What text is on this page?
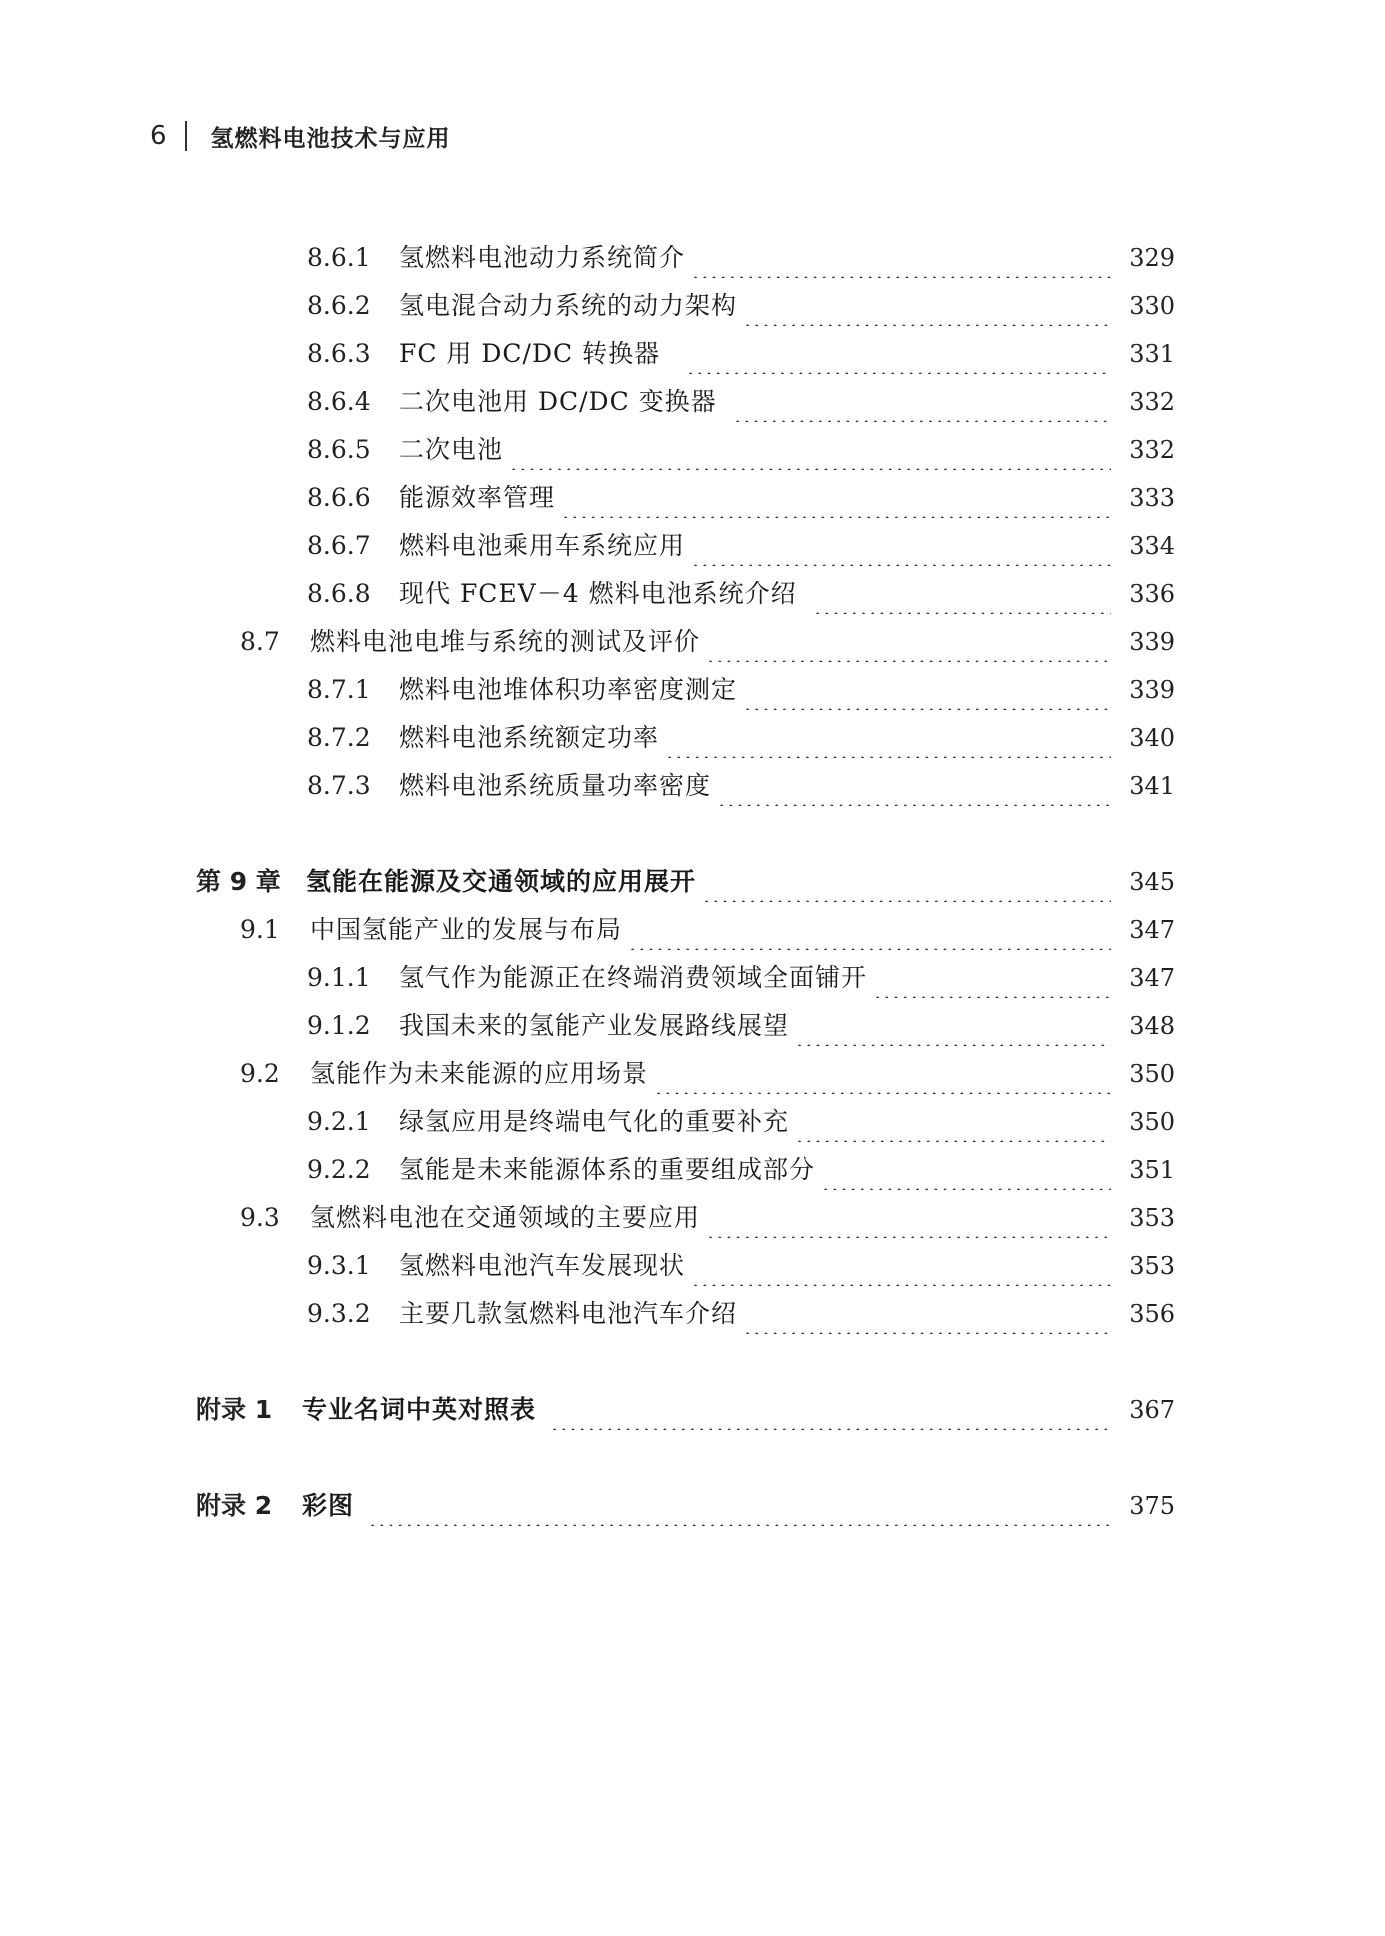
6 氢燃料电池技术与应用
8.6.1	氢燃料电池动力系统简介	329
8.6.2	氢电混合动力系统的动力架构	330
8.6.3	FC 用 DC/DC 转换器	331
8.6.4	二次电池用 DC/DC 变换器	332
8.6.5	二次电池	332
8.6.6	能源效率管理	333
8.6.7	燃料电池乘用车系统应用	334
8.6.8	现代 FCEV－4 燃料电池系统介绍	336
8.7	燃料电池电堆与系统的测试及评价	339
8.7.1	燃料电池堆体积功率密度测定	339
8.7.2	燃料电池系统额定功率	340
8.7.3	燃料电池系统质量功率密度	341
第 9 章	氢能在能源及交通领域的应用展开	345
9.1	中国氢能产业的发展与布局	347
9.1.1	氢气作为能源正在终端消费领域全面铺开	347
9.1.2	我国未来的氢能产业发展路线展望	348
9.2	氢能作为未来能源的应用场景	350
9.2.1	绿氢应用是终端电气化的重要补充	350
9.2.2	氢能是未来能源体系的重要组成部分	351
9.3	氢燃料电池在交通领域的主要应用	353
9.3.1	氢燃料电池汽车发展现状	353
9.3.2	主要几款氢燃料电池汽车介绍	356
附录 1	专业名词中英对照表	367
附录 2	彩图	375
